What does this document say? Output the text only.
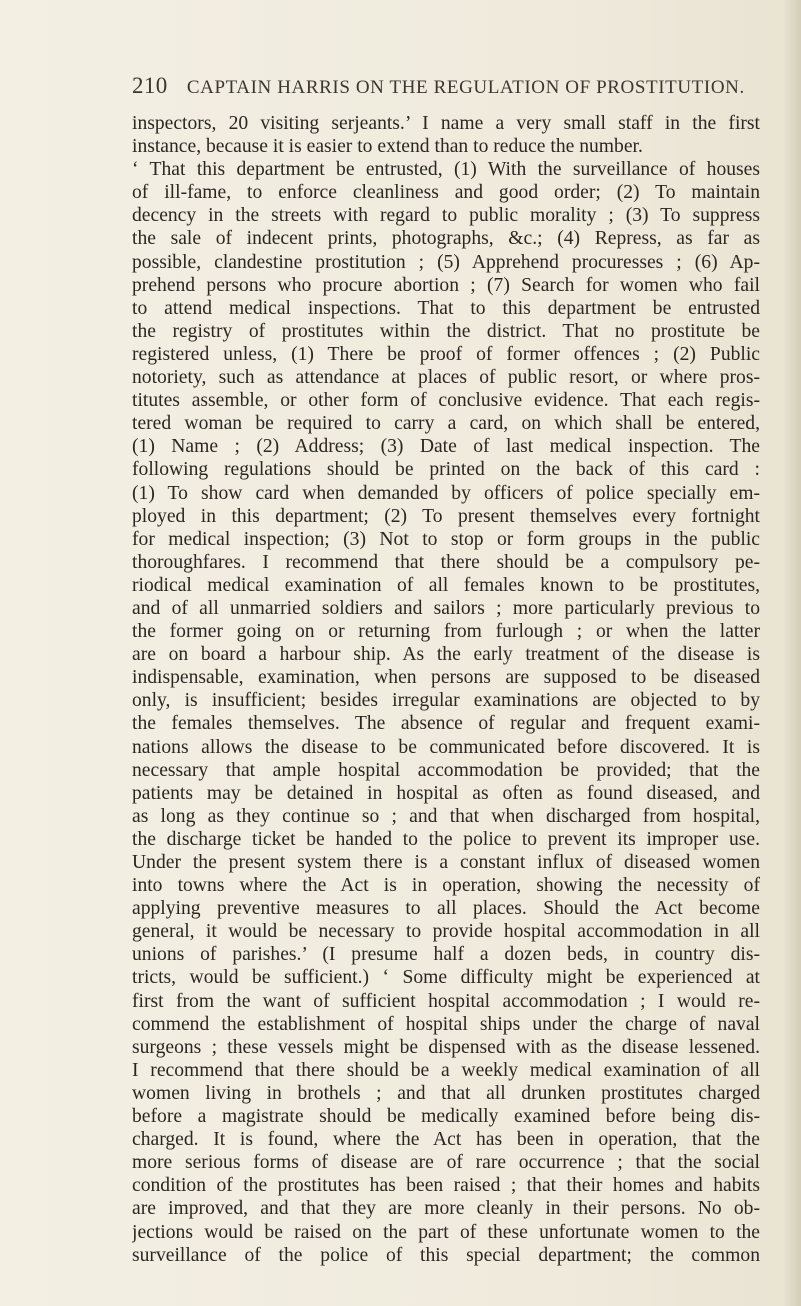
210 CAPTAIN HARRIS ON THE REGULATION OF PROSTITUTION.
inspectors, 20 visiting serjeants.’ I name a very small staff in the first
instance, because it is easier to extend than to reduce the number.
‘ That this department be entrusted, (1) With the surveillance of houses
of ill-fame, to enforce cleanliness and good order; (2) To maintain
decency in the streets with regard to public morality ; (3) To suppress
the sale of indecent prints, photographs, &c.; (4) Repress, as far as
possible, clandestine prostitution ; (5) Apprehend procuresses ; (6) Ap-
prehend persons who procure abortion ; (7) Search for women who fail
to attend medical inspections. That to this department be entrusted
the registry of prostitutes within the district. That no prostitute be
registered unless, (1) There be proof of former offences ; (2) Public
notoriety, such as attendance at places of public resort, or where pros-
titutes assemble, or other form of conclusive evidence. That each regis-
tered woman be required to carry a card, on which shall be entered,
(1) Name ; (2) Address; (3) Date of last medical inspection. The
following regulations should be printed on the back of this card :
(1) To show card when demanded by officers of police specially em-
ployed in this department; (2) To present themselves every fortnight
for medical inspection; (3) Not to stop or form groups in the public
thoroughfares. I recommend that there should be a compulsory pe-
riodical medical examination of all females known to be prostitutes,
and of all unmarried soldiers and sailors ; more particularly previous to
the former going on or returning from furlough ; or when the latter
are on board a harbour ship. As the early treatment of the disease is
indispensable, examination, when persons are supposed to be diseased
only, is insufficient; besides irregular examinations are objected to by
the females themselves. The absence of regular and frequent exami-
nations allows the disease to be communicated before discovered. It is
necessary that ample hospital accommodation be provided; that the
patients may be detained in hospital as often as found diseased, and
as long as they continue so ; and that when discharged from hospital,
the discharge ticket be handed to the police to prevent its improper use.
Under the present system there is a constant influx of diseased women
into towns where the Act is in operation, showing the necessity of
applying preventive measures to all places. Should the Act become
general, it would be necessary to provide hospital accommodation in all
unions of parishes.’ (I presume half a dozen beds, in country dis-
tricts, would be sufficient.) ‘ Some difficulty might be experienced at
first from the want of sufficient hospital accommodation ; I would re-
commend the establishment of hospital ships under the charge of naval
surgeons ; these vessels might be dispensed with as the disease lessened.
I recommend that there should be a weekly medical examination of all
women living in brothels ; and that all drunken prostitutes charged
before a magistrate should be medically examined before being dis-
charged. It is found, where the Act has been in operation, that the
more serious forms of disease are of rare occurrence ; that the social
condition of the prostitutes has been raised ; that their homes and habits
are improved, and that they are more cleanly in their persons. No ob-
jections would be raised on the part of these unfortunate women to the
surveillance of the police of this special department; the common
